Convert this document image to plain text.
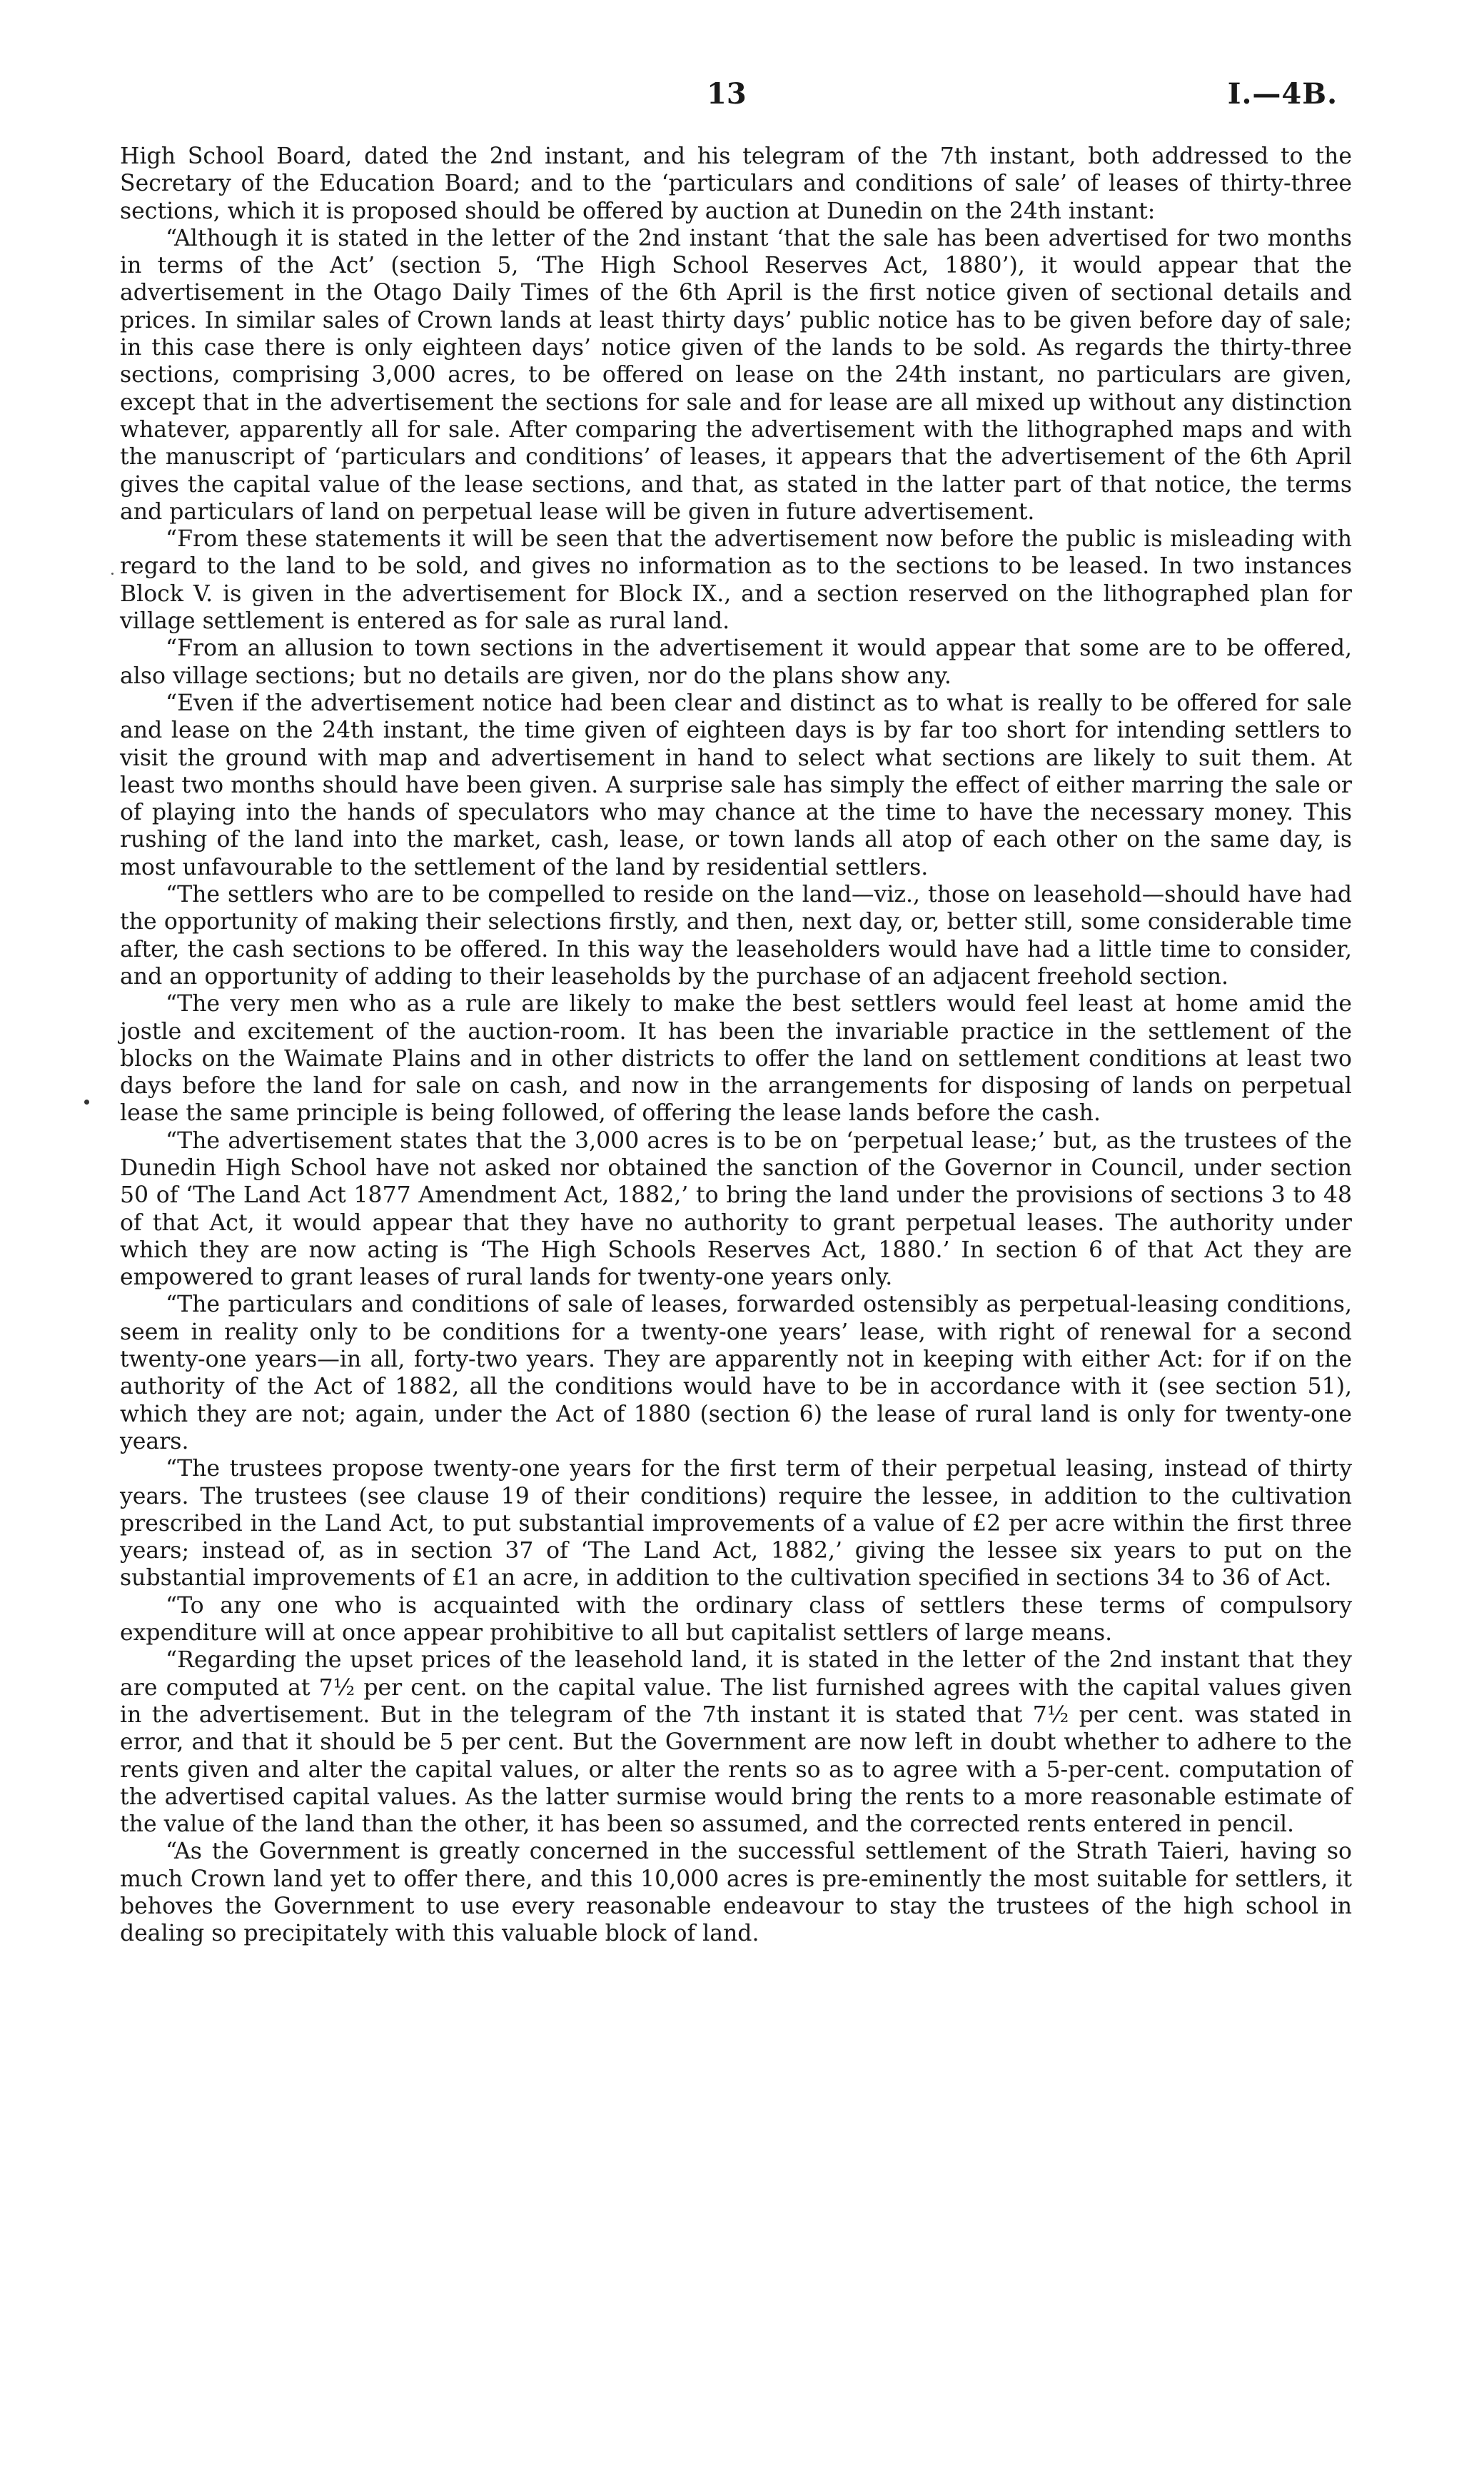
13	I.—4B.

High School Board, dated the 2nd instant, and his telegram of the 7th instant, both addressed to the Secretary of the Education Board; and to the ‘particulars and conditions of sale’ of leases of thirty-three sections, which it is proposed should be offered by auction at Dunedin on the 24th instant:

“Although it is stated in the letter of the 2nd instant ‘that the sale has been advertised for two months in terms of the Act’ (section 5, ‘The High School Reserves Act, 1880’), it would appear that the advertisement in the Otago Daily Times of the 6th April is the first notice given of sectional details and prices. In similar sales of Crown lands at least thirty days’ public notice has to be given before day of sale; in this case there is only eighteen days’ notice given of the lands to be sold. As regards the thirty-three sections, comprising 3,000 acres, to be offered on lease on the 24th instant, no particulars are given, except that in the advertisement the sections for sale and for lease are all mixed up without any distinction whatever, apparently all for sale. After comparing the advertisement with the lithographed maps and with the manuscript of ‘particulars and conditions’ of leases, it appears that the advertisement of the 6th April gives the capital value of the lease sections, and that, as stated in the latter part of that notice, the terms and particulars of land on perpetual lease will be given in future advertisement.

“From these statements it will be seen that the advertisement now before the public is misleading with regard to the land to be sold, and gives no information as to the sections to be leased. In two instances Block V. is given in the advertisement for Block IX., and a section reserved on the lithographed plan for village settlement is entered as for sale as rural land.

“From an allusion to town sections in the advertisement it would appear that some are to be offered, also village sections; but no details are given, nor do the plans show any.

“Even if the advertisement notice had been clear and distinct as to what is really to be offered for sale and lease on the 24th instant, the time given of eighteen days is by far too short for intending settlers to visit the ground with map and advertisement in hand to select what sections are likely to suit them. At least two months should have been given. A surprise sale has simply the effect of either marring the sale or of playing into the hands of speculators who may chance at the time to have the necessary money. This rushing of the land into the market, cash, lease, or town lands all atop of each other on the same day, is most unfavourable to the settlement of the land by residential settlers.

“The settlers who are to be compelled to reside on the land—viz., those on leasehold—should have had the opportunity of making their selections firstly, and then, next day, or, better still, some considerable time after, the cash sections to be offered. In this way the leaseholders would have had a little time to consider, and an opportunity of adding to their leaseholds by the purchase of an adjacent freehold section.

“The very men who as a rule are likely to make the best settlers would feel least at home amid the jostle and excitement of the auction-room. It has been the invariable practice in the settlement of the blocks on the Waimate Plains and in other districts to offer the land on settlement conditions at least two days before the land for sale on cash, and now in the arrangements for disposing of lands on perpetual lease the same principle is being followed, of offering the lease lands before the cash.

“The advertisement states that the 3,000 acres is to be on ‘perpetual lease;’ but, as the trustees of the Dunedin High School have not asked nor obtained the sanction of the Governor in Council, under section 50 of ‘The Land Act 1877 Amendment Act, 1882,’ to bring the land under the provisions of sections 3 to 48 of that Act, it would appear that they have no authority to grant perpetual leases. The authority under which they are now acting is ‘The High Schools Reserves Act, 1880.’ In section 6 of that Act they are empowered to grant leases of rural lands for twenty-one years only.

“The particulars and conditions of sale of leases, forwarded ostensibly as perpetual-leasing conditions, seem in reality only to be conditions for a twenty-one years’ lease, with right of renewal for a second twenty-one years—in all, forty-two years. They are apparently not in keeping with either Act: for if on the authority of the Act of 1882, all the conditions would have to be in accordance with it (see section 51), which they are not; again, under the Act of 1880 (section 6) the lease of rural land is only for twenty-one years.

“The trustees propose twenty-one years for the first term of their perpetual leasing, instead of thirty years. The trustees (see clause 19 of their conditions) require the lessee, in addition to the cultivation prescribed in the Land Act, to put substantial improvements of a value of £2 per acre within the first three years; instead of, as in section 37 of ‘The Land Act, 1882,’ giving the lessee six years to put on the substantial improvements of £1 an acre, in addition to the cultivation specified in sections 34 to 36 of Act.

“To any one who is acquainted with the ordinary class of settlers these terms of compulsory expenditure will at once appear prohibitive to all but capitalist settlers of large means.

“Regarding the upset prices of the leasehold land, it is stated in the letter of the 2nd instant that they are computed at 7½ per cent. on the capital value. The list furnished agrees with the capital values given in the advertisement. But in the telegram of the 7th instant it is stated that 7½ per cent. was stated in error, and that it should be 5 per cent. But the Government are now left in doubt whether to adhere to the rents given and alter the capital values, or alter the rents so as to agree with a 5-per-cent. computation of the advertised capital values. As the latter surmise would bring the rents to a more reasonable estimate of the value of the land than the other, it has been so assumed, and the corrected rents entered in pencil.

“As the Government is greatly concerned in the successful settlement of the Strath Taieri, having so much Crown land yet to offer there, and this 10,000 acres is pre-eminently the most suitable for settlers, it behoves the Government to use every reasonable endeavour to stay the trustees of the high school in dealing so precipitately with this valuable block of land.
